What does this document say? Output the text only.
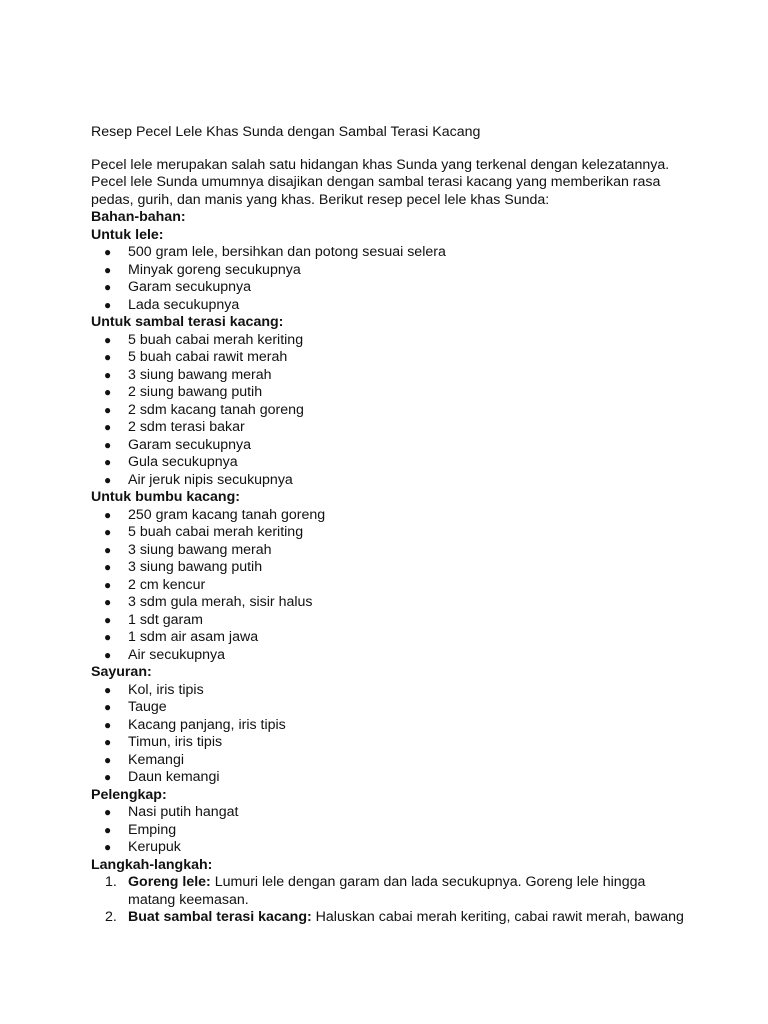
Resep Pecel Lele Khas Sunda dengan Sambal Terasi Kacang

Pecel lele merupakan salah satu hidangan khas Sunda yang terkenal dengan kelezatannya.

Pecel lele Sunda umumnya disajikan dengan sambal terasi kacang yang memberikan rasa

pedas, gurih, dan manis yang khas. Berikut resep pecel lele khas Sunda:

Bahan-bahan:

Untuk lele:

● 500 gram lele, bersihkan dan potong sesuai selera
● Minyak goreng secukupnya
● Garam secukupnya
● Lada secukupnya

Untuk sambal terasi kacang:

● 5 buah cabai merah keriting
● 5 buah cabai rawit merah
● 3 siung bawang merah
● 2 siung bawang putih
● 2 sdm kacang tanah goreng
● 2 sdm terasi bakar
● Garam secukupnya
● Gula secukupnya
● Air jeruk nipis secukupnya

Untuk bumbu kacang:

● 250 gram kacang tanah goreng
● 5 buah cabai merah keriting
● 3 siung bawang merah
● 3 siung bawang putih
● 2 cm kencur
● 3 sdm gula merah, sisir halus
● 1 sdt garam
● 1 sdm air asam jawa
● Air secukupnya

Sayuran:

● Kol, iris tipis
● Tauge
● Kacang panjang, iris tipis
● Timun, iris tipis
● Kemangi
● Daun kemangi

Pelengkap:

● Nasi putih hangat
● Emping
● Kerupuk

Langkah-langkah:

1. Goreng lele: Lumuri lele dengan garam dan lada secukupnya. Goreng lele hingga
matang keemasan.
2. Buat sambal terasi kacang: Haluskan cabai merah keriting, cabai rawit merah, bawang
